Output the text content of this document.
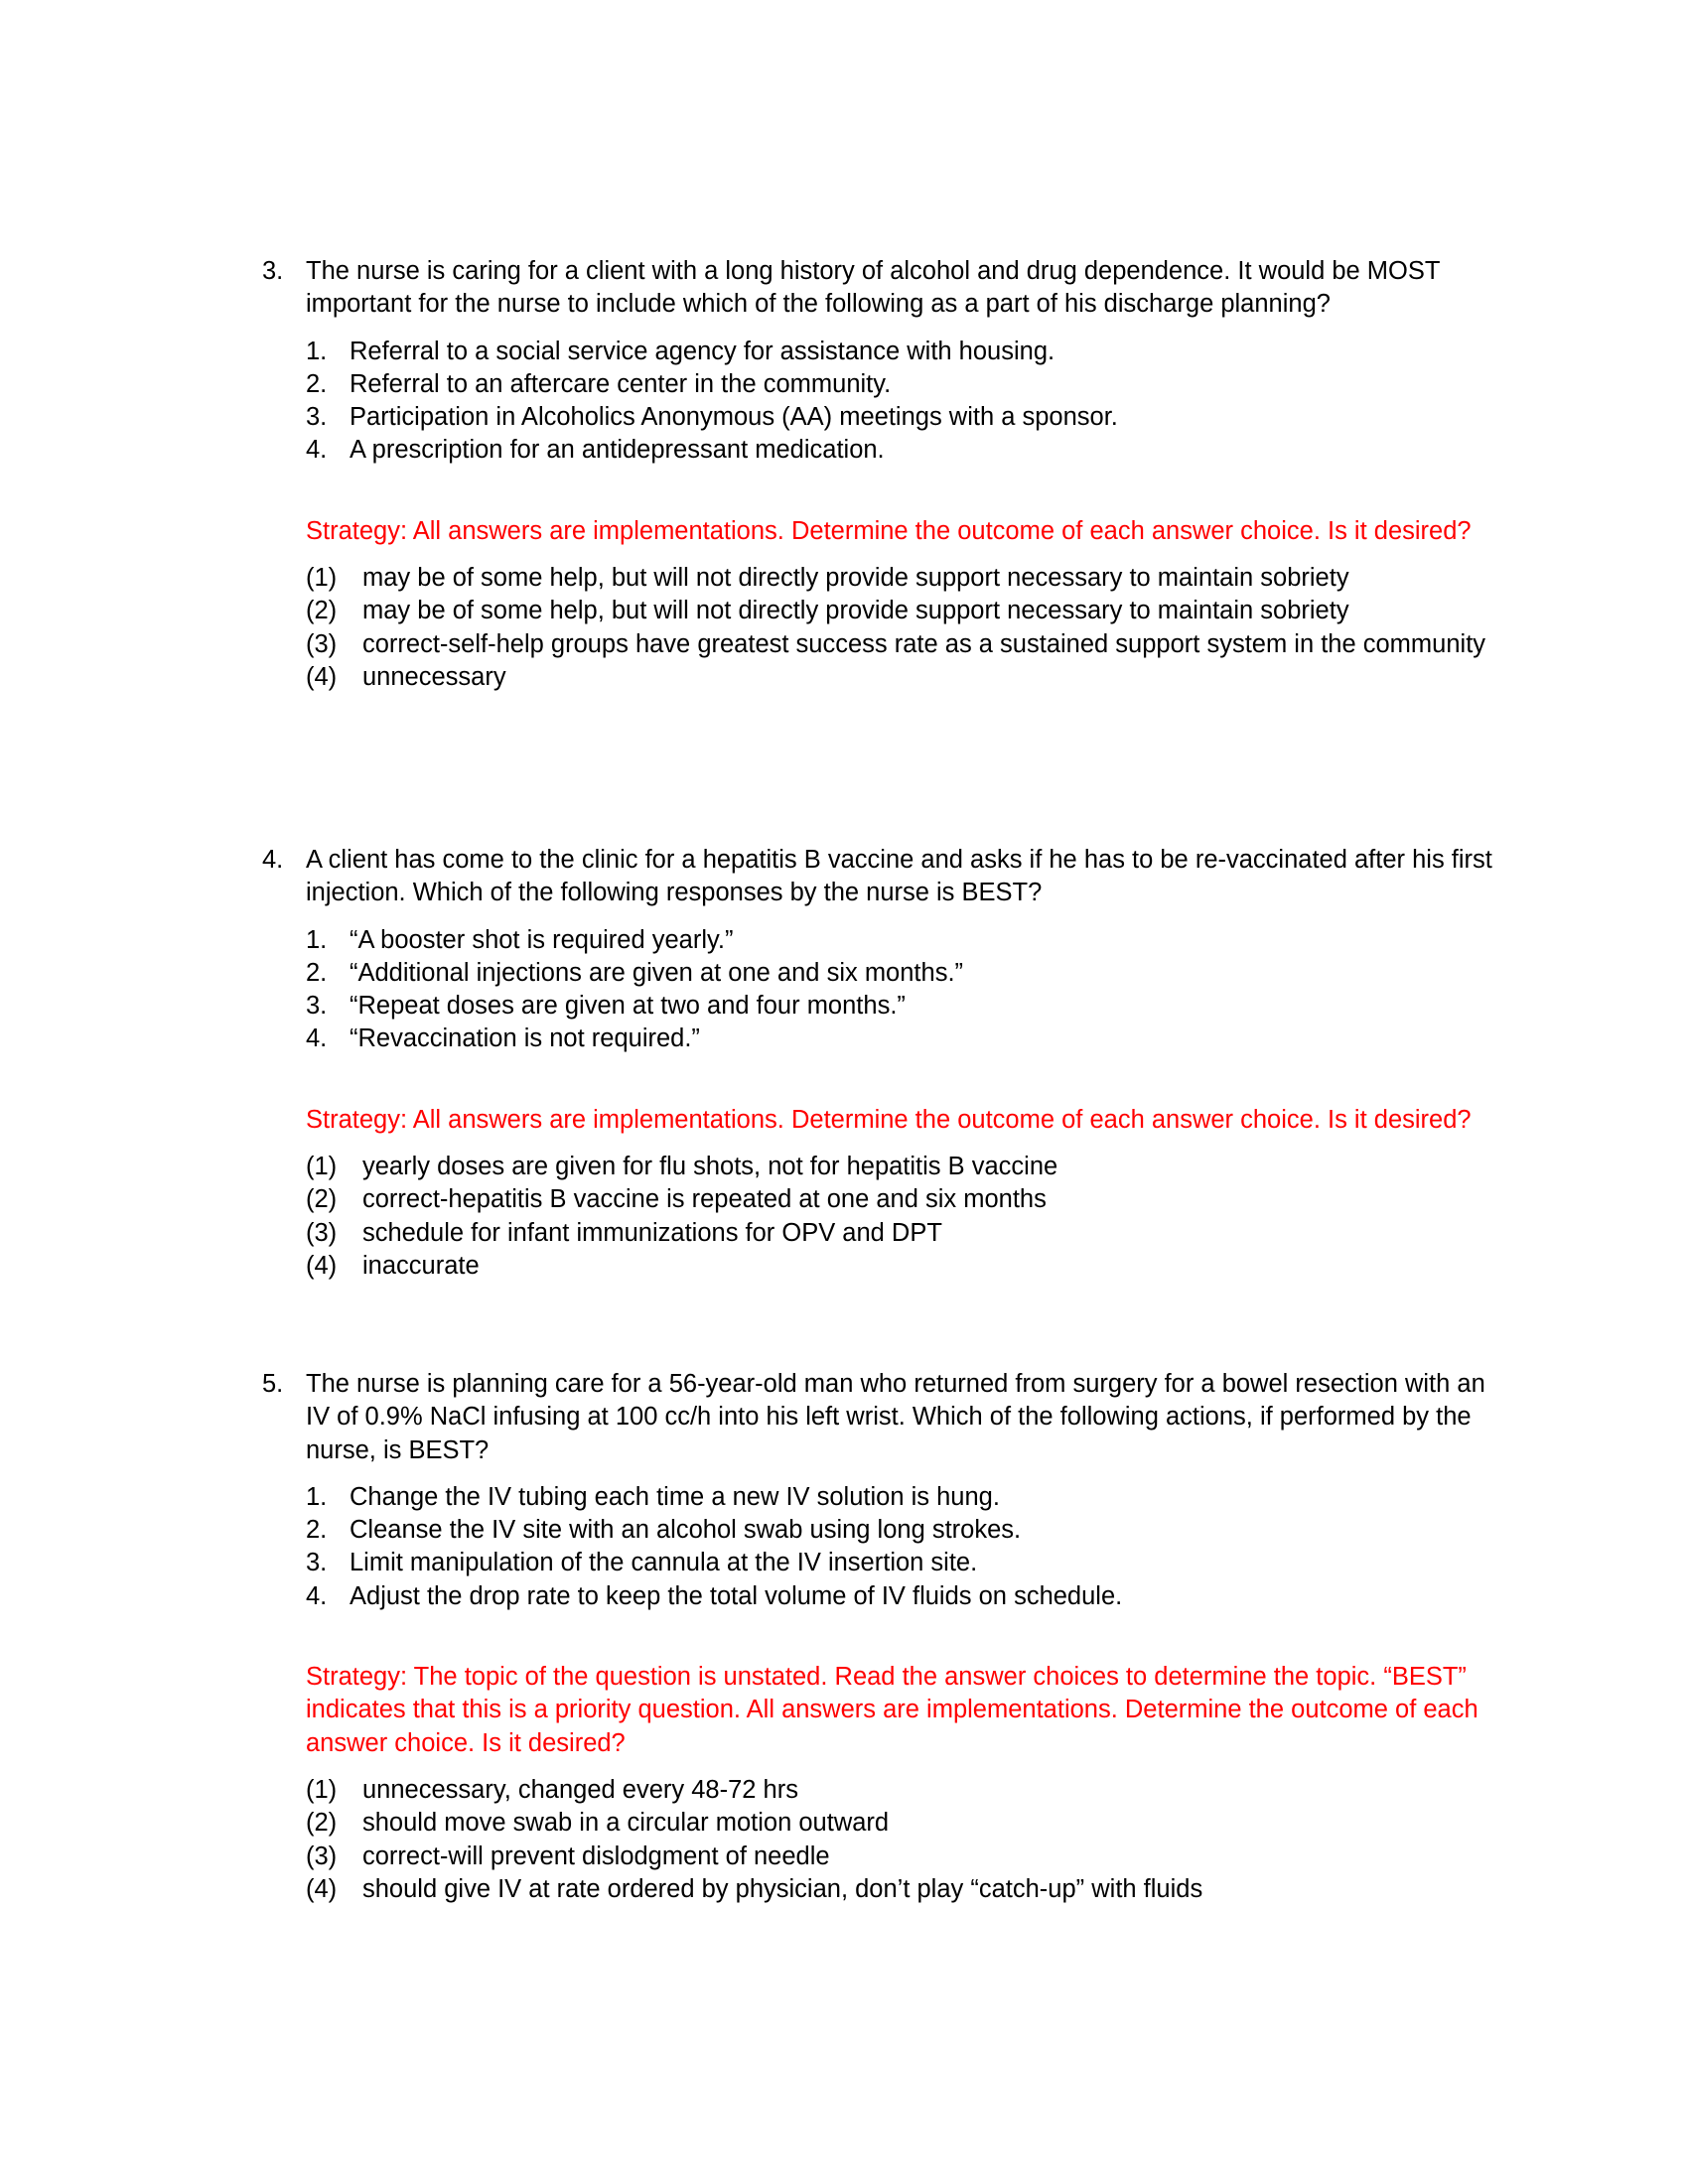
3. The nurse is caring for a client with a long history of alcohol and drug dependence. It would be MOST important for the nurse to include which of the following as a part of his discharge planning?
1. Referral to a social service agency for assistance with housing.
2. Referral to an aftercare center in the community.
3. Participation in Alcoholics Anonymous (AA) meetings with a sponsor.
4. A prescription for an antidepressant medication.
Strategy: All answers are implementations. Determine the outcome of each answer choice. Is it desired?
(1)	may be of some help, but will not directly provide support necessary to maintain sobriety
(2)	may be of some help, but will not directly provide support necessary to maintain sobriety
(3)	correct-self-help groups have greatest success rate as a sustained support system in the community
(4)	unnecessary
4. A client has come to the clinic for a hepatitis B vaccine and asks if he has to be re-vaccinated after his first injection. Which of the following responses by the nurse is BEST?
1. “A booster shot is required yearly.”
2. “Additional injections are given at one and six months.”
3. “Repeat doses are given at two and four months.”
4. “Revaccination is not required.”
Strategy: All answers are implementations. Determine the outcome of each answer choice. Is it desired?
(1)	yearly doses are given for flu shots, not for hepatitis B vaccine
(2)	correct-hepatitis B vaccine is repeated at one and six months
(3)	schedule for infant immunizations for OPV and DPT
(4)	inaccurate
5. The nurse is planning care for a 56-year-old man who returned from surgery for a bowel resection with an IV of 0.9% NaCl infusing at 100 cc/h into his left wrist. Which of the following actions, if performed by the nurse, is BEST?
1. Change the IV tubing each time a new IV solution is hung.
2. Cleanse the IV site with an alcohol swab using long strokes.
3. Limit manipulation of the cannula at the IV insertion site.
4. Adjust the drop rate to keep the total volume of IV fluids on schedule.
Strategy: The topic of the question is unstated. Read the answer choices to determine the topic. “BEST” indicates that this is a priority question. All answers are implementations. Determine the outcome of each answer choice. Is it desired?
(1)	unnecessary, changed every 48-72 hrs
(2)	should move swab in a circular motion outward
(3)	correct-will prevent dislodgment of needle
(4)	should give IV at rate ordered by physician, don’t play “catch-up” with fluids
